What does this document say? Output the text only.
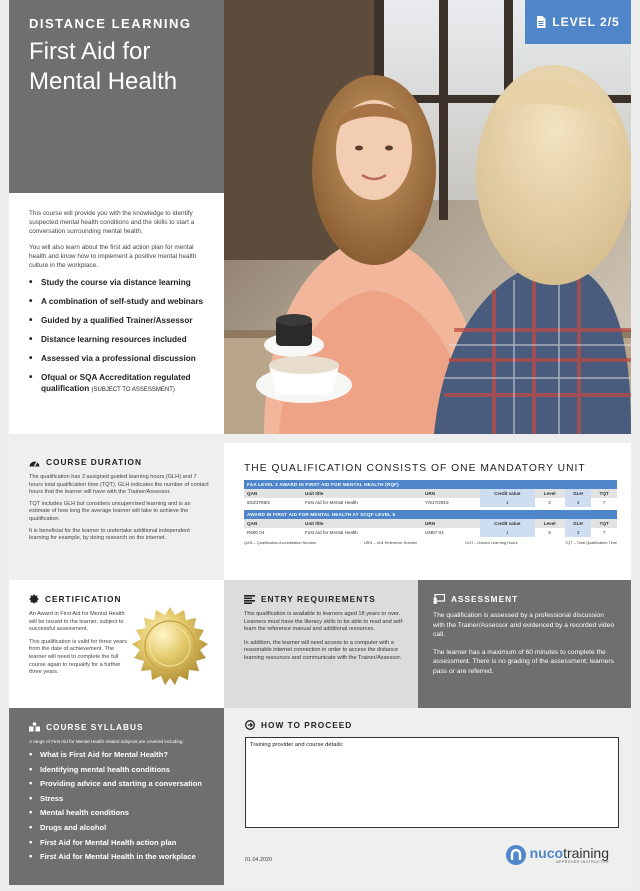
DISTANCE LEARNING
First Aid for
Mental Health

This course will provide you with the knowledge to identify suspected mental health conditions and the skills to start a conversation surrounding mental health.

You will also learn about the first aid action plan for mental health and know how to implement a positive mental health culture in the workplace.

• Study the course via distance learning
• A combination of self-study and webinars
• Guided by a qualified Trainer/Assessor
• Distance learning resources included
• Assessed via a professional discussion
• Ofqual or SQA Accreditation regulated qualification (SUBJECT TO ASSESSMENT)
LEVEL 2/5
COURSE DURATION

The qualification has 3 assigned guided learning hours (GLH) and 7 hours total qualification time (TQT). GLH indicates the number of contact hours that the learner will have with the Trainer/Assessor.

TQT includes GLH but considers unsupervised learning and is an estimate of how long the average learner will take to achieve the qualification.

It is beneficial for the learner to undertake additional independent learning for example, by doing research on the internet.

THE QUALIFICATION CONSISTS OF ONE MANDATORY UNIT
FAA LEVEL 2 AWARD IN FIRST AID FOR MENTAL HEALTH (RQF)						
QAN	Unit title	URN	Credit value	Level	GLH	TQT
603/3769/2	First Aid for Mental Health	Y/617/2919	1	2	3	7
AWARD IN FIRST AID FOR MENTAL HEALTH AT SCQF LEVEL 5						
QAN	Unit title	URN	Credit value	Level	GLH	TQT
R600 04	First Aid for Mental Health	UM87 04	1	5	3	7
QAN – Qualification Accreditation Number	URN – Unit Reference Number	GLH – Guided Learning Hours	TQT – Total Qualification Time
CERTIFICATION

An Award in First Aid for Mental Health will be issued to the learner, subject to successful assessment.

This qualification is valid for three years from the date of achievement. The learner will need to complete the full course again to requalify for a further three years.

ENTRY REQUIREMENTS

This qualification is available to learners aged 18 years or over. Learners must have the literacy skills to be able to read and self-learn the reference manual and additional resources.

In addition, the learner will need access to a computer with a reasonable internet connection in order to access the distance learning resources and communicate with the Trainer/Assessor.

ASSESSMENT

The qualification is assessed by a professional discussion with the Trainer/Assessor and evidenced by a recorded video call.

The learner has a maximum of 60 minutes to complete the assessment. There is no grading of the assessment; learners pass or are referred.

COURSE SYLLABUS
A range of First Aid for Mental Health related subjects are covered including:
• What is First Aid for Mental Health?
• Identifying mental health conditions
• Providing advice and starting a conversation
• Stress
• Mental health conditions
• Drugs and alcohol
• First Aid for Mental Health action plan
• First Aid for Mental Health in the workplace
HOW TO PROCEED
Training provider and course details:
01.04.2020	nucotraining
APPROVED INSTRUCTOR
